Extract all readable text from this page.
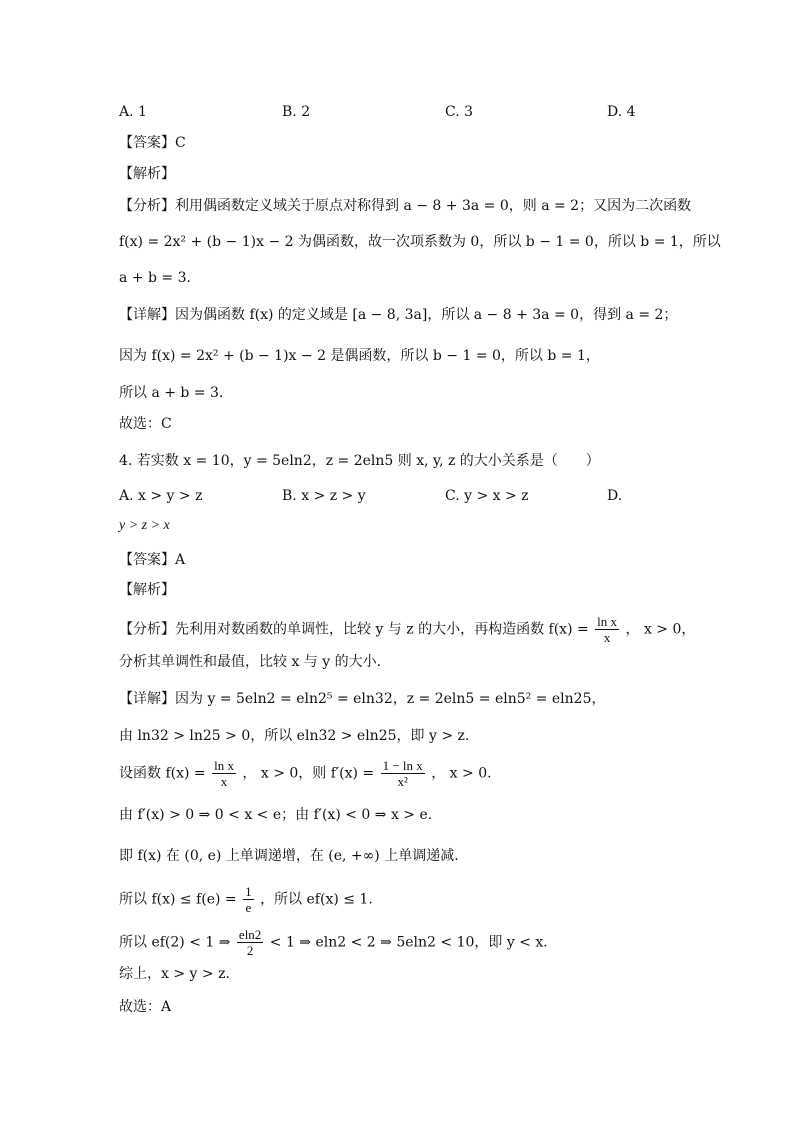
A. 1	B. 2	C. 3	D. 4
【答案】C
【解析】
【分析】利用偶函数定义域关于原点对称得到 a − 8 + 3a = 0，则 a = 2；又因为二次函数
f(x) = 2x² + (b − 1)x − 2 为偶函数，故一次项系数为 0，所以 b − 1 = 0，所以 b = 1，所以
a + b = 3.
【详解】因为偶函数 f(x) 的定义域是 [a − 8, 3a]，所以 a − 8 + 3a = 0，得到 a = 2；
因为 f(x) = 2x² + (b − 1)x − 2 是偶函数，所以 b − 1 = 0，所以 b = 1，
所以 a + b = 3.
故选：C
4. 若实数 x = 10，y = 5eln2，z = 2eln5 则 x, y, z 的大小关系是（　　）
A. x > y > z	B. x > z > y	C. y > x > z	D.
y > z > x
【答案】A
【解析】
【分析】先利用对数函数的单调性，比较 y 与 z 的大小，再构造函数 $f(x) = \frac{\text{ln x}}{x}$ ， x > 0，
分析其单调性和最值，比较 x 与 y 的大小.
【详解】因为 y = 5eln2 = eln2⁵ = eln32，z = 2eln5 = eln5² = eln25，
由 ln32 > ln25 > 0，所以 eln32 > eln25，即 y > z.
设函数 $f(x) = \frac{\text{ln x}}{x}$ ， x > 0，则 $f'(x) = \frac{\text{1 − ln x}}{\text{x²}}$ ， x > 0.
由 f′(x) > 0 ⇒ 0 < x < e；由 f′(x) < 0 ⇒ x > e.
即 f(x) 在 (0, e) 上单调递增，在 (e, +∞) 上单调递减.
所以 $f(x) \le f(e) = \frac{1}{e}$ ，所以 ef(x) ≤ 1.
所以 ef(2) < 1 ⇒ $\frac{eln2}{2} < 1$ ⇒ eln2 < 2 ⇒ 5eln2 < 10，即 y < x.
综上，x > y > z.
故选：A
